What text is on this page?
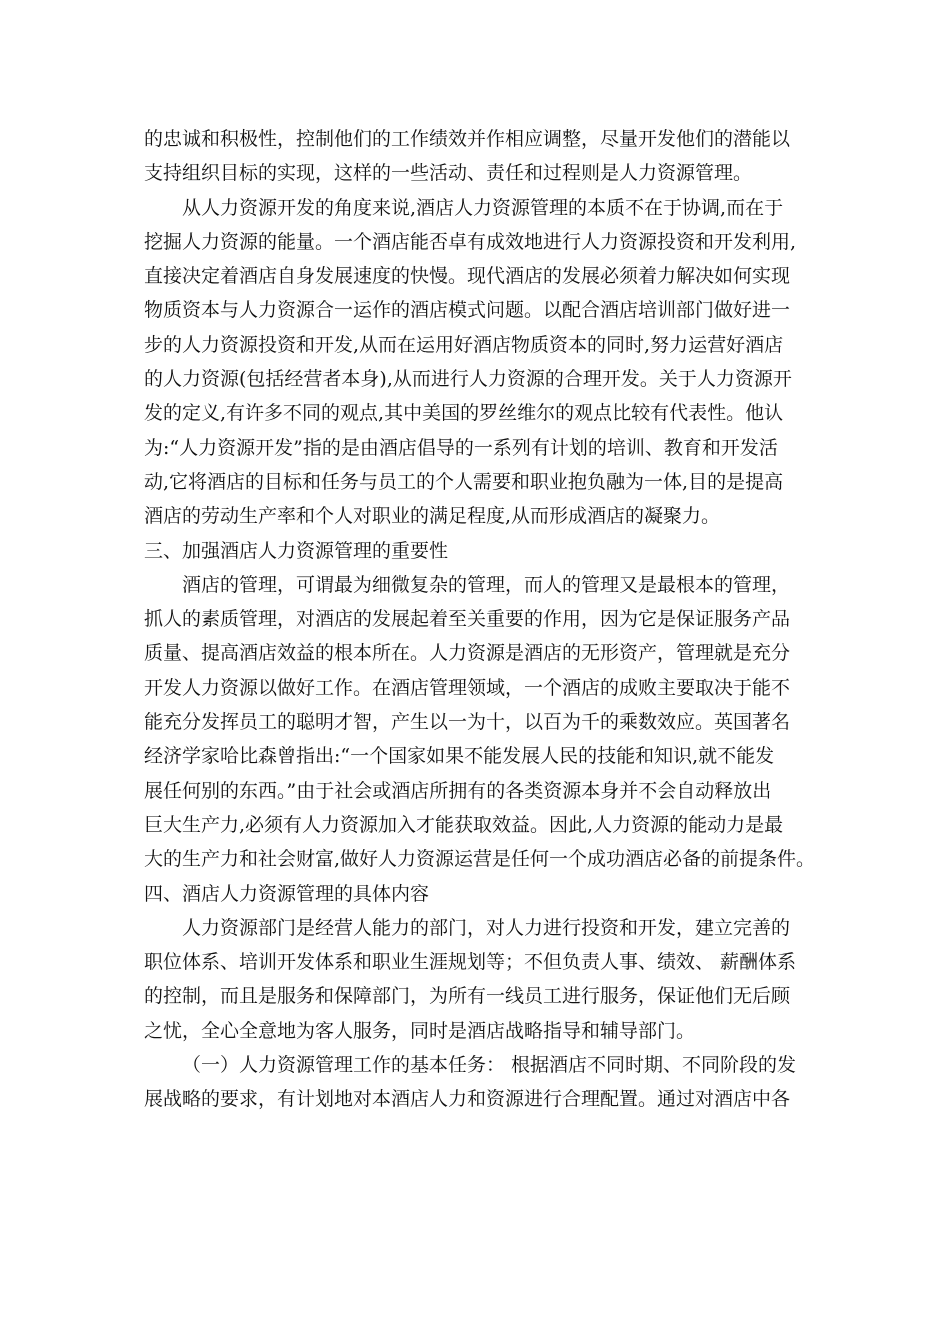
的忠诚和积极性，控制他们的工作绩效并作相应调整，尽量开发他们的潜能以
支持组织目标的实现，这样的一些活动、责任和过程则是人力资源管理。
从人力资源开发的角度来说,酒店人力资源管理的本质不在于协调,而在于
挖掘人力资源的能量。一个酒店能否卓有成效地进行人力资源投资和开发利用,
直接决定着酒店自身发展速度的快慢。现代酒店的发展必须着力解决如何实现
物质资本与人力资源合一运作的酒店模式问题。以配合酒店培训部门做好进一
步的人力资源投资和开发,从而在运用好酒店物质资本的同时,努力运营好酒店
的人力资源(包括经营者本身),从而进行人力资源的合理开发。关于人力资源开
发的定义,有许多不同的观点,其中美国的罗丝维尔的观点比较有代表性。他认
为:“人力资源开发”指的是由酒店倡导的一系列有计划的培训、教育和开发活
动,它将酒店的目标和任务与员工的个人需要和职业抱负融为一体,目的是提高
酒店的劳动生产率和个人对职业的满足程度,从而形成酒店的凝聚力。
三、加强酒店人力资源管理的重要性
酒店的管理，可谓最为细微复杂的管理，而人的管理又是最根本的管理，
抓人的素质管理，对酒店的发展起着至关重要的作用，因为它是保证服务产品
质量、提高酒店效益的根本所在。人力资源是酒店的无形资产，管理就是充分
开发人力资源以做好工作。在酒店管理领域，一个酒店的成败主要取决于能不
能充分发挥员工的聪明才智，产生以一为十，以百为千的乘数效应。英国著名
经济学家哈比森曾指出:“一个国家如果不能发展人民的技能和知识,就不能发
展任何别的东西。”由于社会或酒店所拥有的各类资源本身并不会自动释放出
巨大生产力,必须有人力资源加入才能获取效益。因此,人力资源的能动力是最
大的生产力和社会财富,做好人力资源运营是任何一个成功酒店必备的前提条件。
四、酒店人力资源管理的具体内容
人力资源部门是经营人能力的部门，对人力进行投资和开发，建立完善的
职位体系、培训开发体系和职业生涯规划等；不但负责人事、绩效、 薪酬体系
的控制，而且是服务和保障部门，为所有一线员工进行服务，保证他们无后顾
之忧，全心全意地为客人服务，同时是酒店战略指导和辅导部门。
（一）人力资源管理工作的基本任务： 根据酒店不同时期、不同阶段的发
展战略的要求，有计划地对本酒店人力和资源进行合理配置。通过对酒店中各
